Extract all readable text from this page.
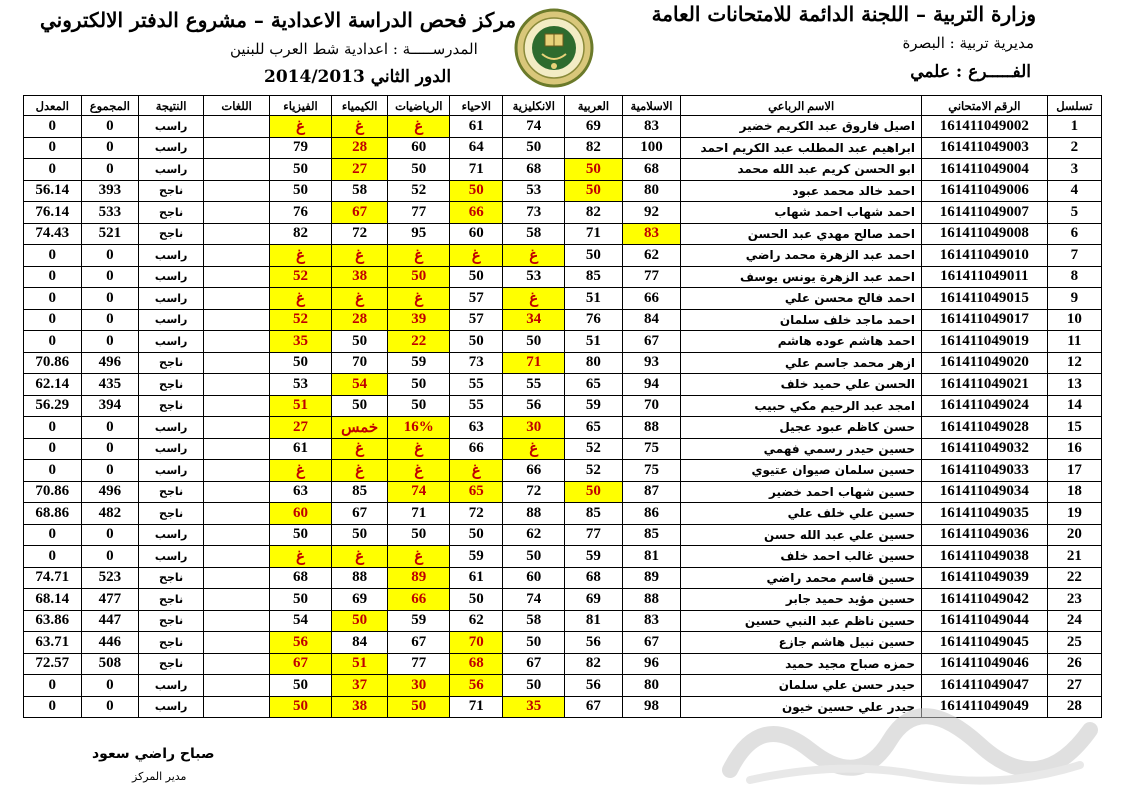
وزارة التربية – اللجنة الدائمة للامتحانات العامة
مديرية تربية : البصرة
الفـــــرع : علمي
مركز فحص الدراسة الاعدادية – مشروع الدفتر الالكتروني
المدرســـــة : اعدادية شط العرب للبنين
الدور الثاني 2014/2013
تسلسل	الرقم الامتحاني	الاسم الرباعي	الاسلامية	العربية	الانكليزية	الاحياء	الرياضيات	الكيمياء	الفيزياء	اللغات	النتيجة	المجموع	المعدل
1	161411049002	اصيل فاروق عبد الكريم خضير	83	69	74	61	غ	غ	غ		راسب	0	0
2	161411049003	ابراهيم عبد المطلب عبد الكريم احمد	100	82	50	64	60	28	79		راسب	0	0
3	161411049004	ابو الحسن كريم عبد الله محمد	68	50	68	71	50	27	50		راسب	0	0
4	161411049006	احمد خالد محمد عبود	80	50	53	50	52	58	50		ناجح	393	56.14
5	161411049007	احمد شهاب احمد شهاب	92	82	73	66	77	67	76		ناجح	533	76.14
6	161411049008	احمد صالح مهدي عبد الحسن	83	71	58	60	95	72	82		ناجح	521	74.43
7	161411049010	احمد عبد الزهرة محمد راضي	62	50	غ	غ	غ	غ	غ		راسب	0	0
8	161411049011	احمد عبد الزهرة يونس يوسف	77	85	53	50	50	38	52		راسب	0	0
9	161411049015	احمد فالح محسن علي	66	51	غ	57	غ	غ	غ		راسب	0	0
10	161411049017	احمد ماجد خلف سلمان	84	76	34	57	39	28	52		راسب	0	0
11	161411049019	احمد هاشم عوده هاشم	67	51	50	50	22	50	35		راسب	0	0
12	161411049020	ازهر محمد جاسم علي	93	80	71	73	59	70	50		ناجح	496	70.86
13	161411049021	الحسن علي حميد خلف	94	65	55	55	50	54	53		ناجح	435	62.14
14	161411049024	امجد عبد الرحيم مكي حبيب	70	59	56	55	50	50	51		ناجح	394	56.29
15	161411049028	حسن كاظم عبود عجيل	88	65	30	63	16%	خمس	27		راسب	0	0
16	161411049032	حسين حيدر رسمي فهمي	75	52	غ	66	غ	غ	61		راسب	0	0
17	161411049033	حسين سلمان صيوان عتيوي	75	52	66	غ	غ	غ	غ		راسب	0	0
18	161411049034	حسين شهاب احمد خضير	87	50	72	65	74	85	63		ناجح	496	70.86
19	161411049035	حسين علي خلف علي	86	85	88	72	71	67	60		ناجح	482	68.86
20	161411049036	حسين علي عبد الله حسن	85	77	62	50	50	50	50		راسب	0	0
21	161411049038	حسين غالب احمد خلف	81	59	50	59	غ	غ	غ		راسب	0	0
22	161411049039	حسين قاسم محمد راضي	89	68	60	61	89	88	68		ناجح	523	74.71
23	161411049042	حسين مؤيد حميد جابر	88	69	74	50	66	69	50		ناجح	477	68.14
24	161411049044	حسين ناظم عبد النبي حسين	83	81	58	62	59	50	54		ناجح	447	63.86
25	161411049045	حسين نبيل هاشم جازع	67	56	50	70	67	84	56		ناجح	446	63.71
26	161411049046	حمزه صباح مجيد حميد	96	82	67	68	77	51	67		ناجح	508	72.57
27	161411049047	حيدر حسن علي سلمان	80	56	50	56	30	37	50		راسب	0	0
28	161411049049	حيدر علي حسين خيون	98	67	35	71	50	38	50		راسب	0	0
صباح راضي سعود
مدير المركز
